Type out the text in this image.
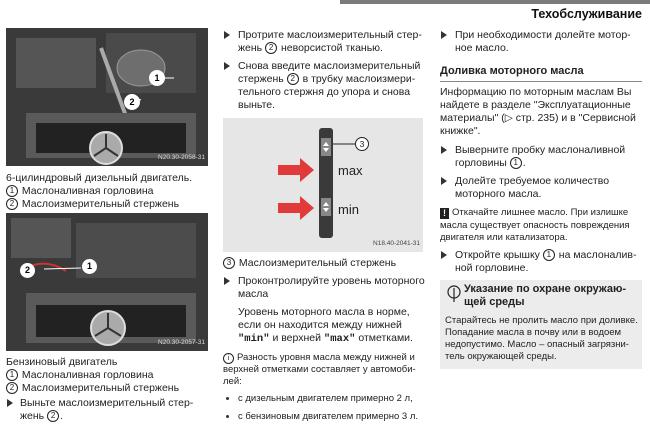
Техобслуживание
1
2
N20.30-2058-31
6-цилиндровый дизельный двигатель.
1 Маслоналивная горловина
2 Маслоизмерительный стержень
2	1
N20.30-2057-31
Бензиновый двигатель
1 Маслоналивная горловина
2 Маслоизмерительный стержень
Выньте маслоизмерительный стер-
жень 2 .
Протрите маслоизмерительный стер-
жень 2 неворсистой тканью.
Снова введите маслоизмерительный
стержень 2 в трубку маслоизмери-
тельного стержня до упора и снова
выньте.
3
max
min
N18.40-2041-31
3 Маслоизмерительный стержень
Проконтролируйте уровень моторного
масла
Уровень моторного масла в норме,
если он находится между нижней
"min" и верхней "max" отметками.
i Разность уровня масла между нижней и
верхней отметками составляет у автомоби-
лей:
с дизельным двигателем примерно 2 л,
с бензиновым двигателем примерно 3 л.
При необходимости долейте мотор-
ное масло.
Доливка моторного масла
Информацию по моторным маслам Вы
найдете в разделе "Эксплуатационные
материалы" (▷ стр. 235) и в "Сервисной
книжке".
Выверните пробку маслоналивной
горловины 1 .
Долейте требуемое количество
моторного масла.
! Откачайте лишнее масло. При излишке
масла существует опасность повреждения
двигателя или катализатора.
Откройте крышку 1 на маслоналив-
ной горловине.
Указание по охране окружаю-
щей среды
Старайтесь не пролить масло при доливке.
Попадание масла в почву или в водоем
недопустимо. Масло – опасный загрязни-
тель окружающей среды.
